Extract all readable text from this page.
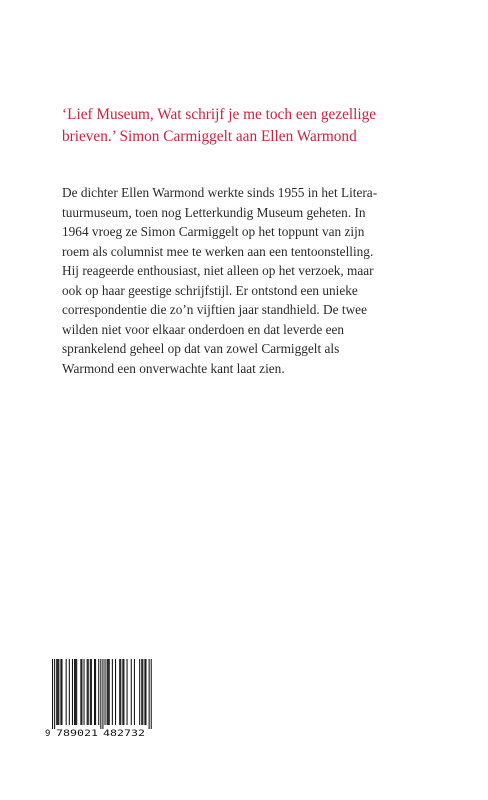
‘Lief Museum, Wat schrijf je me toch een gezellige
brieven.’ Simon Carmiggelt aan Ellen Warmond
De dichter Ellen Warmond werkte sinds 1955 in het Litera-
tuurmuseum, toen nog Letterkundig Museum geheten. In
1964 vroeg ze Simon Carmiggelt op het toppunt van zijn
roem als columnist mee te werken aan een tentoonstelling.
Hij reageerde enthousiast, niet alleen op het verzoek, maar
ook op haar geestige schrijfstijl. Er ontstond een unieke
correspondentie die zo’n vijftien jaar standhield. De twee
wilden niet voor elkaar onderdoen en dat leverde een
sprankelend geheel op dat van zowel Carmiggelt als
Warmond een onverwachte kant laat zien.
9 789021 482732
